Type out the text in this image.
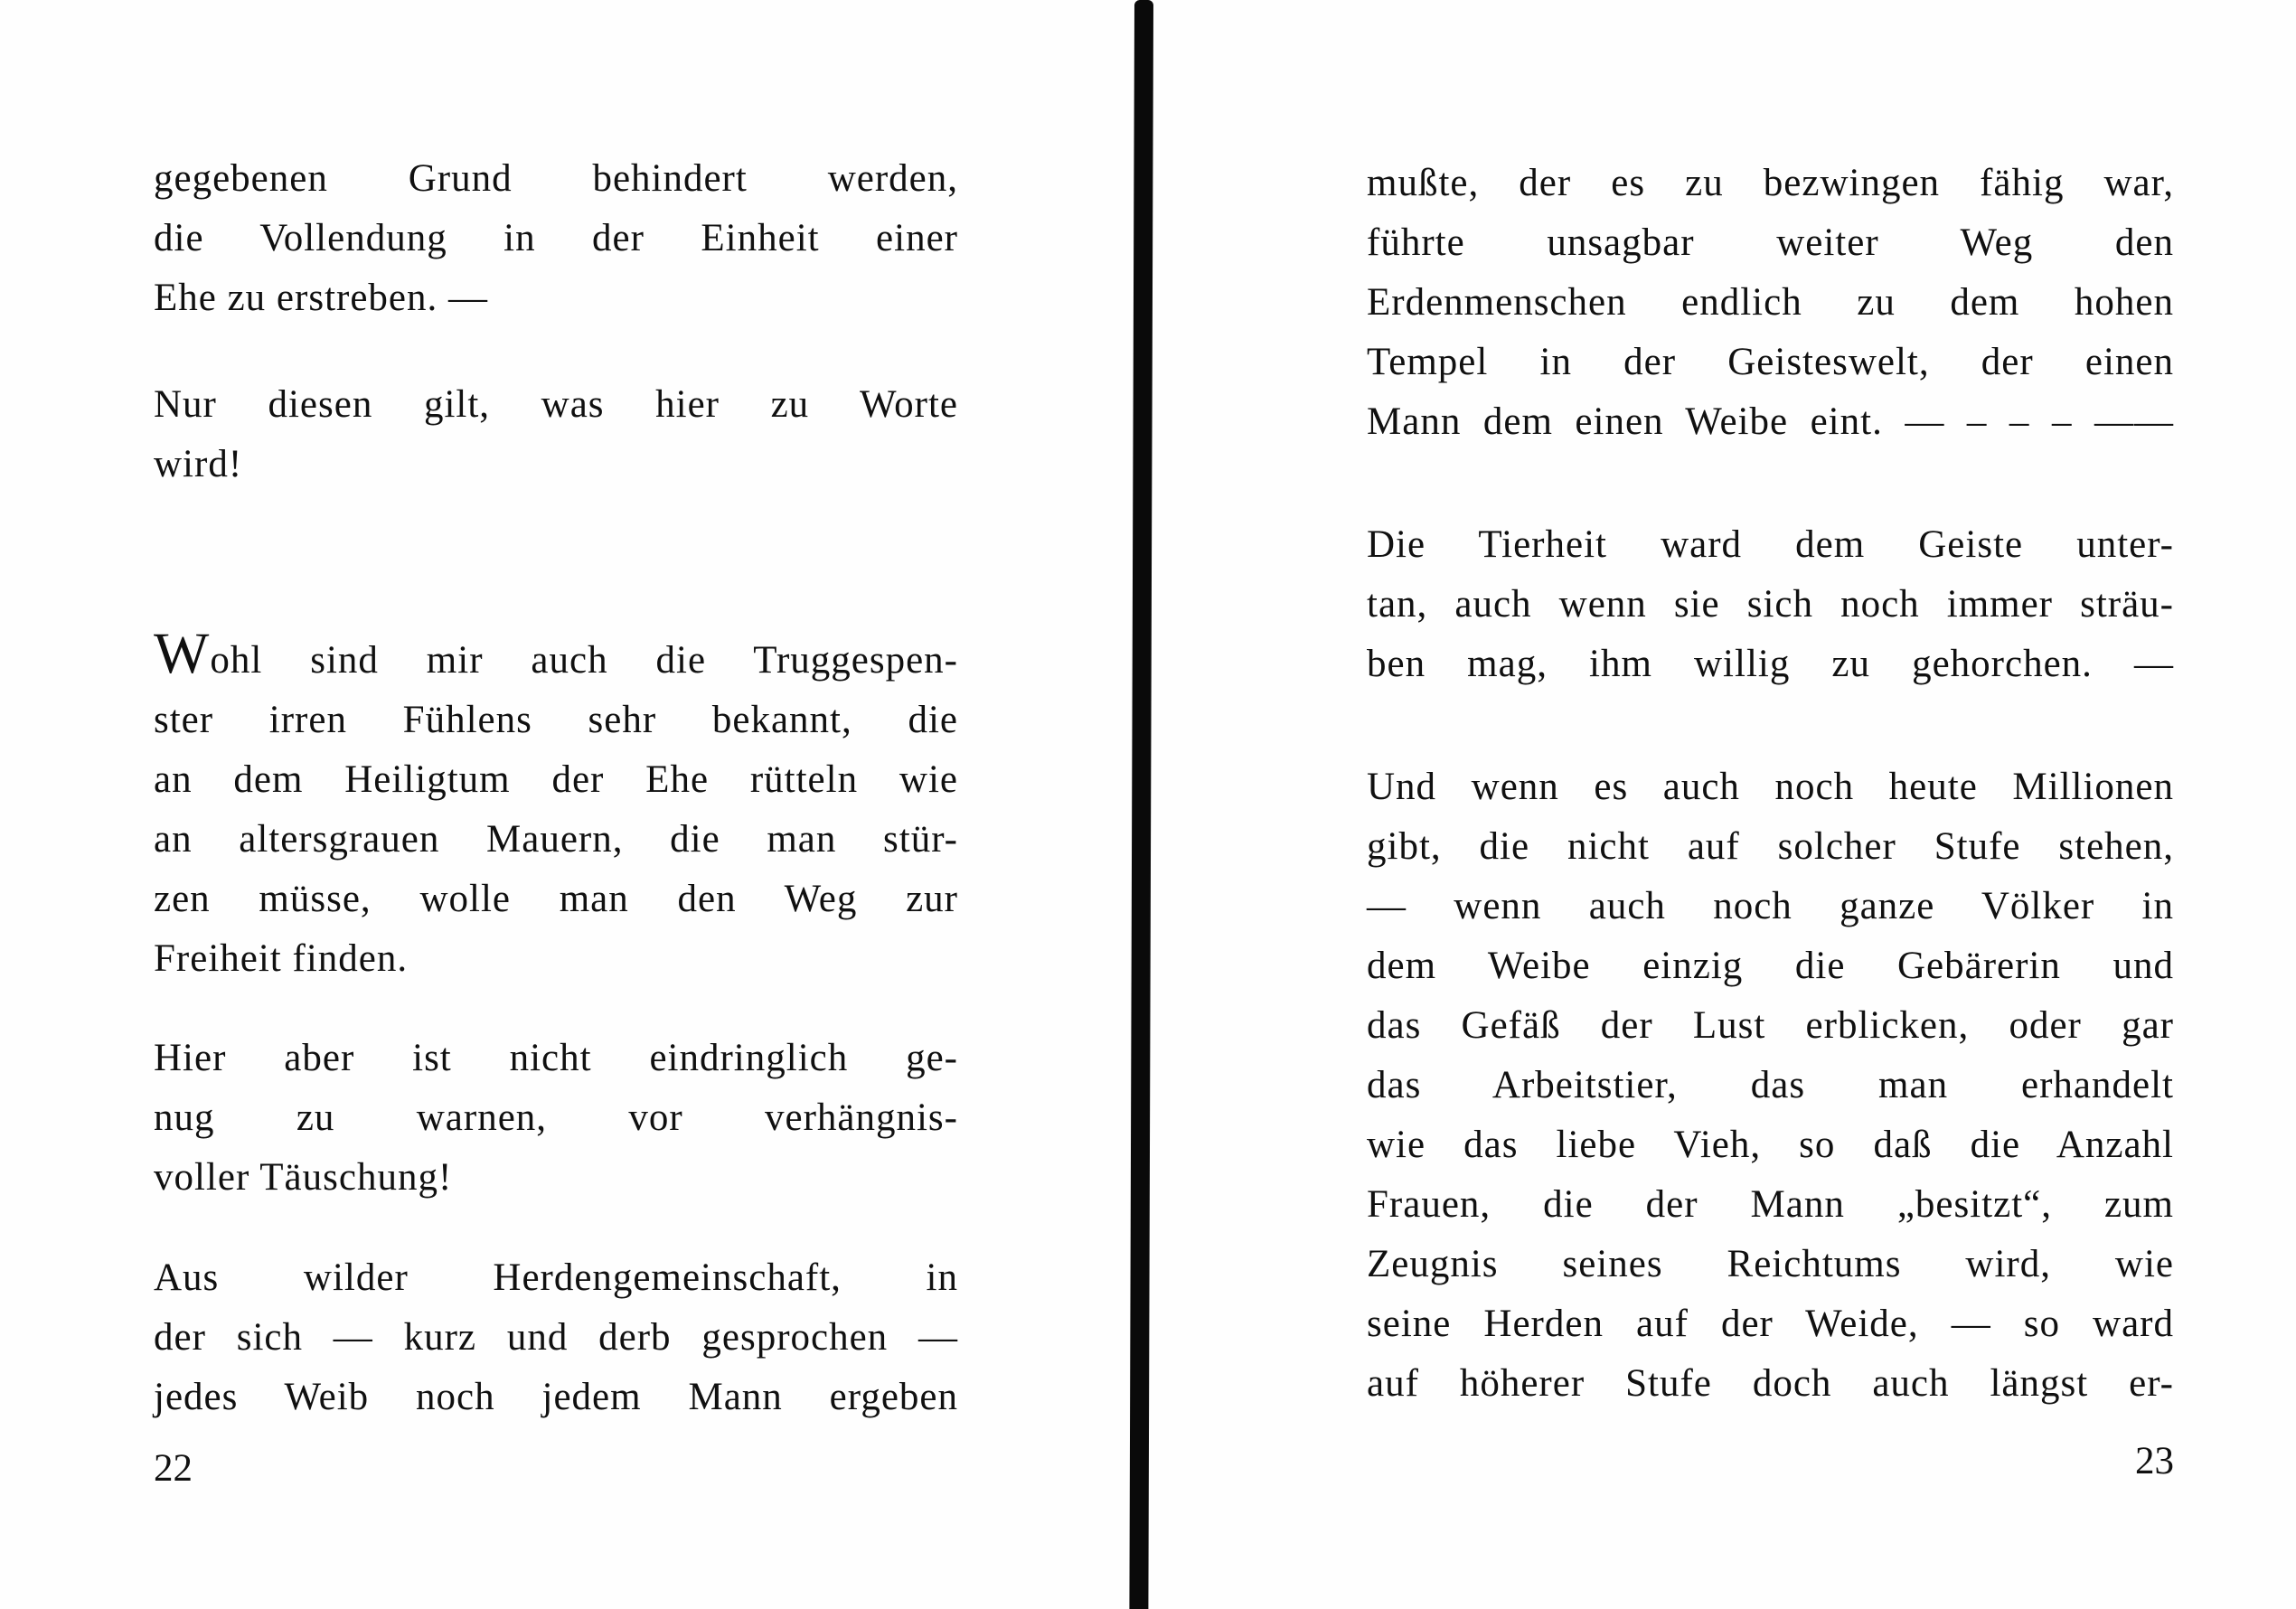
gegebenen Grund behindert werden,
die Vollendung in der Einheit einer
Ehe zu erstreben. —
Nur diesen gilt, was hier zu Worte
wird!
Wohl sind mir auch die Truggespen-
ster irren Fühlens sehr bekannt, die
an dem Heiligtum der Ehe rütteln wie
an altersgrauen Mauern, die man stür-
zen müsse, wolle man den Weg zur
Freiheit finden.
Hier aber ist nicht eindringlich ge-
nug zu warnen, vor verhängnis-
voller Täuschung!
Aus wilder Herdengemeinschaft, in
der sich — kurz und derb gesprochen —
jedes Weib noch jedem Mann ergeben
mußte, der es zu bezwingen fähig war,
führte unsagbar weiter Weg den
Erdenmenschen endlich zu dem hohen
Tempel in der Geisteswelt, der einen
Mann dem einen Weibe eint. — – – – ——
Die Tierheit ward dem Geiste unter-
tan, auch wenn sie sich noch immer sträu-
ben mag, ihm willig zu gehorchen. —
Und wenn es auch noch heute Millionen
gibt, die nicht auf solcher Stufe stehen,
— wenn auch noch ganze Völker in
dem Weibe einzig die Gebärerin und
das Gefäß der Lust erblicken, oder gar
das Arbeitstier, das man erhandelt
wie das liebe Vieh, so daß die Anzahl
Frauen, die der Mann „besitzt“, zum
Zeugnis seines Reichtums wird, wie
seine Herden auf der Weide, — so ward
auf höherer Stufe doch auch längst er-
22	23
